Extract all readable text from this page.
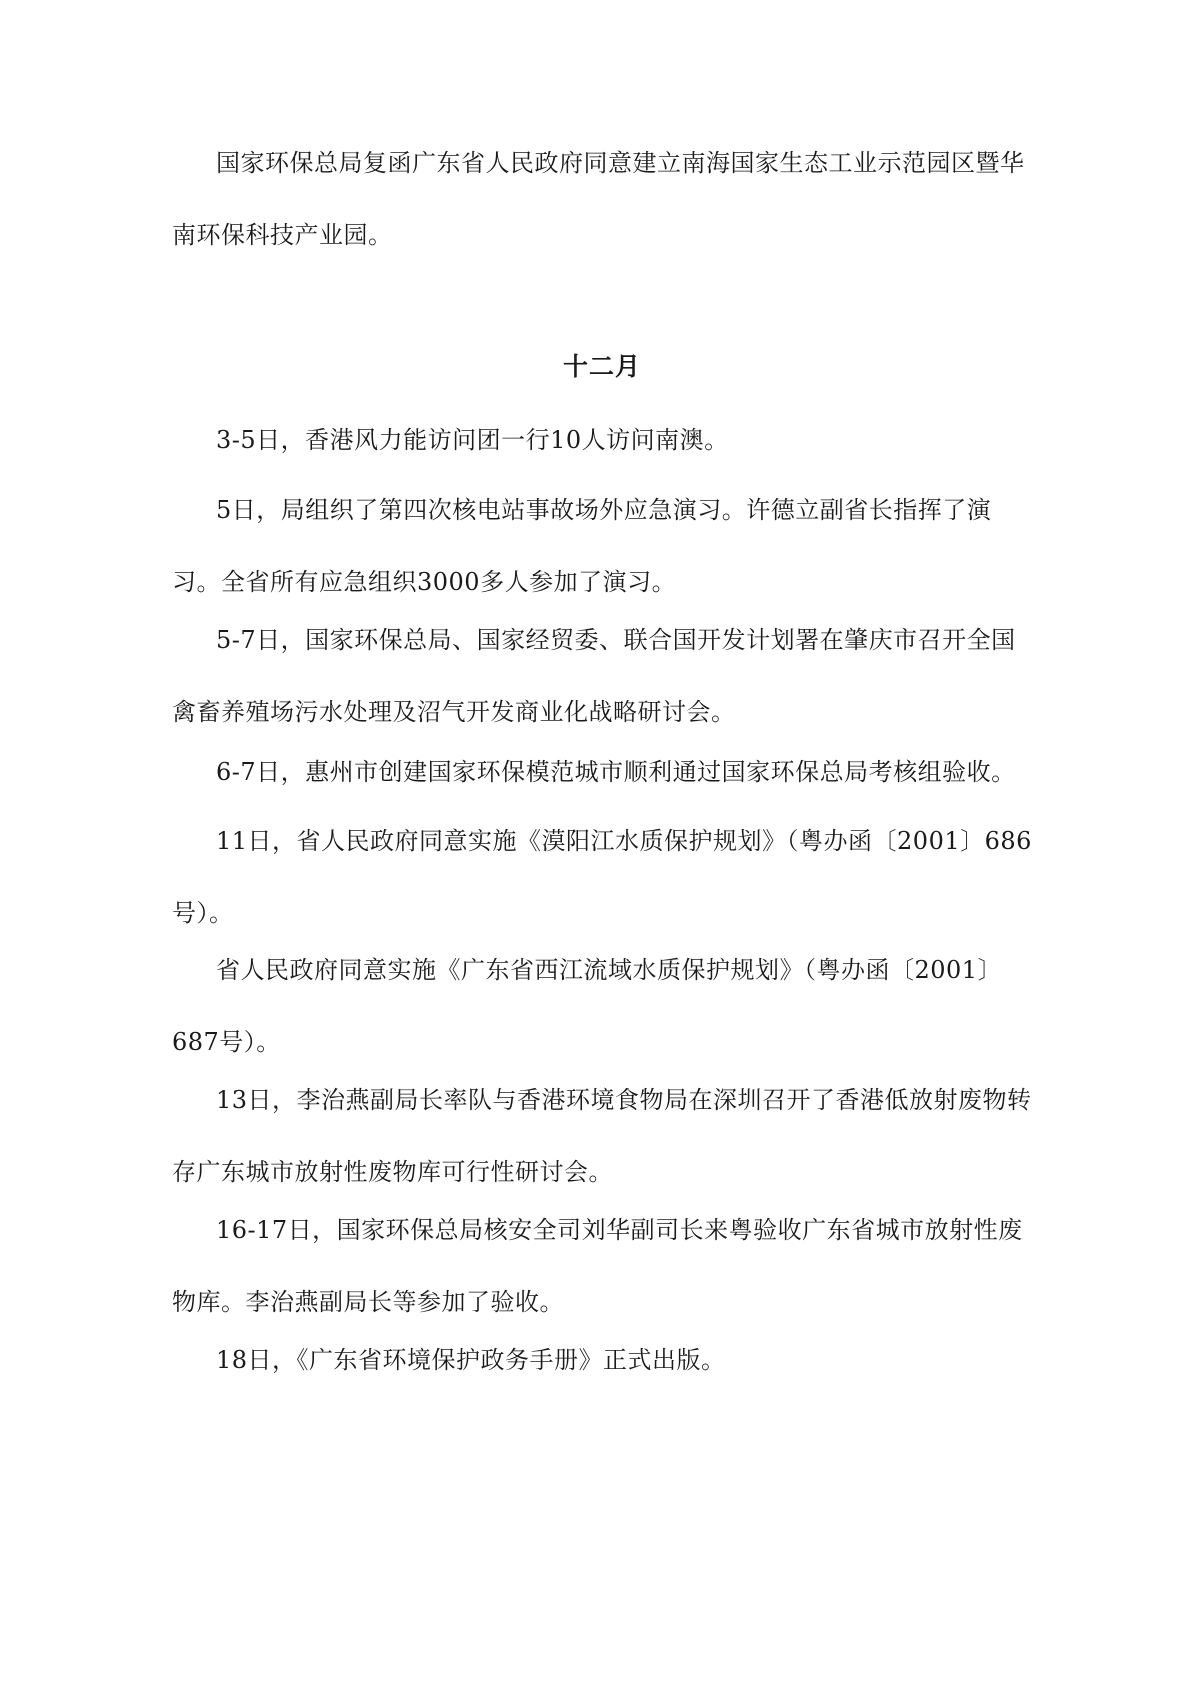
国家环保总局复函广东省人民政府同意建立南海国家生态工业示范园区暨华南环保科技产业园。

十二月

3-5日，香港风力能访问团一行10人访问南澳。

5日，局组织了第四次核电站事故场外应急演习。许德立副省长指挥了演习。全省所有应急组织3000多人参加了演习。

5-7日，国家环保总局、国家经贸委、联合国开发计划署在肇庆市召开全国禽畜养殖场污水处理及沼气开发商业化战略研讨会。

6-7日，惠州市创建国家环保模范城市顺利通过国家环保总局考核组验收。

11日，省人民政府同意实施《漠阳江水质保护规划》（粤办函〔2001〕686号）。

省人民政府同意实施《广东省西江流域水质保护规划》（粤办函〔2001〕687号）。

13日，李治燕副局长率队与香港环境食物局在深圳召开了香港低放射废物转存广东城市放射性废物库可行性研讨会。

16-17日，国家环保总局核安全司刘华副司长来粤验收广东省城市放射性废物库。李治燕副局长等参加了验收。

18日，《广东省环境保护政务手册》正式出版。
